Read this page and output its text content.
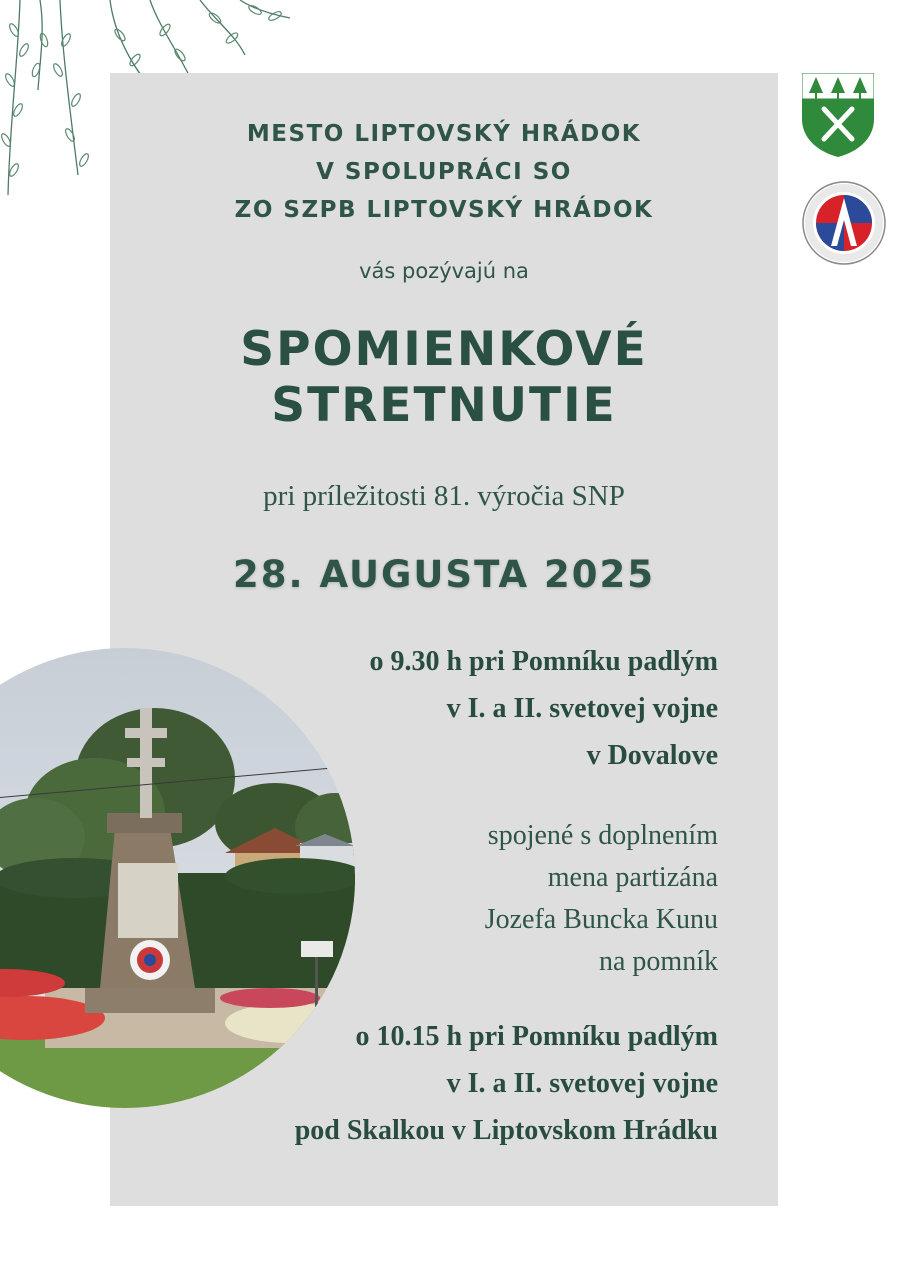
MESTO LIPTOVSKÝ HRÁDOK
V SPOLUPRÁCI SO
ZO SZPB LIPTOVSKÝ HRÁDOK
vás pozývajú na
SPOMIENKOVÉ
STRETNUTIE
pri príležitosti 81. výročia SNP
28. AUGUSTA 2025
o 9.30 h pri Pomníku padlým
v I. a II. svetovej vojne
v Dovalove
spojené s doplnením
mena partizána
Jozefa Buncka Kunu
na pomník
o 10.15 h pri Pomníku padlým
v I. a II. svetovej vojne
pod Skalkou v Liptovskom Hrádku
